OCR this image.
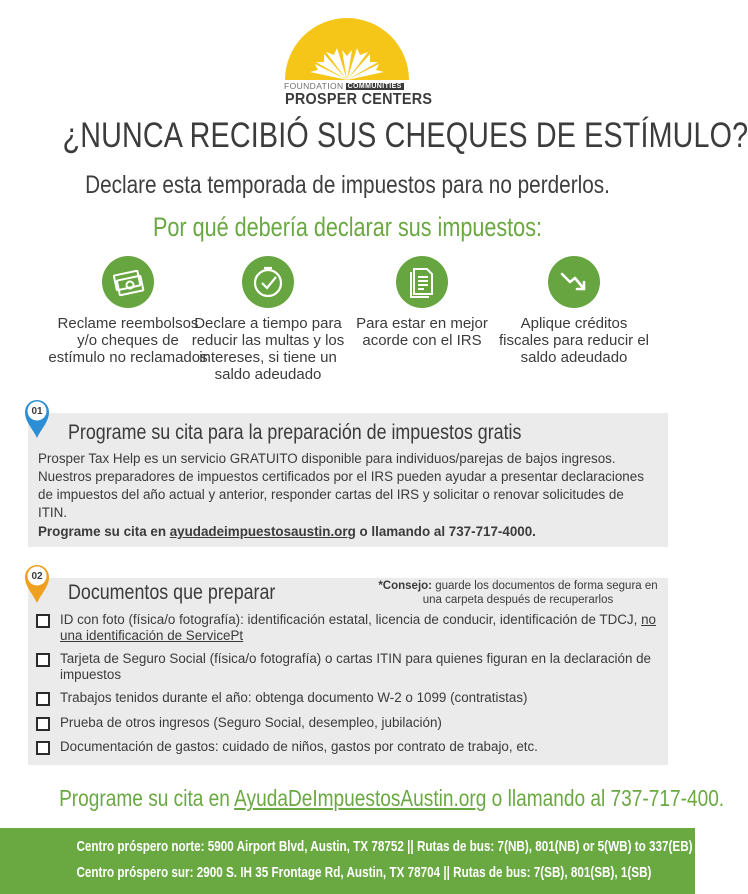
FOUNDATION COMMUNITIES
PROSPER CENTERS
¿NUNCA RECIBIÓ SUS CHEQUES DE ESTÍMULO?
Declare esta temporada de impuestos para no perderlos.
Por qué debería declarar sus impuestos:
Reclame reembolsos y/o cheques de estímulo no reclamados
Declare a tiempo para reducir las multas y los intereses, si tiene un saldo adeudado
Para estar en mejor acorde con el IRS
Aplique créditos fiscales para reducir el saldo adeudado
Programe su cita para la preparación de impuestos gratis
Prosper Tax Help es un servicio GRATUITO disponible para individuos/parejas de bajos ingresos. Nuestros preparadores de impuestos certificados por el IRS pueden ayudar a presentar declaraciones de impuestos del año actual y anterior, responder cartas del IRS y solicitar o renovar solicitudes de ITIN.
Programe su cita en ayudadeimpuestosaustin.org o llamando al 737-717-4000.
01
Documentos que preparar	*Consejo: guarde los documentos de forma segura en una carpeta después de recuperarlos
ID con foto (física/o fotografía): identificación estatal, licencia de conducir, identificación de TDCJ, no una identificación de ServicePt
Tarjeta de Seguro Social (física/o fotografía) o cartas ITIN para quienes figuran en la declaración de impuestos
Trabajos tenidos durante el año: obtenga documento W-2 o 1099 (contratistas)
Prueba de otros ingresos (Seguro Social, desempleo, jubilación)
Documentación de gastos: cuidado de niños, gastos por contrato de trabajo, etc.
02
Programe su cita en AyudaDeImpuestosAustin.org o llamando al 737-717-400.
Centro próspero norte: 5900 Airport Blvd, Austin, TX 78752 || Rutas de bus: 7(NB), 801(NB) or 5(WB) to 337(EB)
Centro próspero sur: 2900 S. IH 35 Frontage Rd, Austin, TX 78704 || Rutas de bus: 7(SB), 801(SB), 1(SB)
